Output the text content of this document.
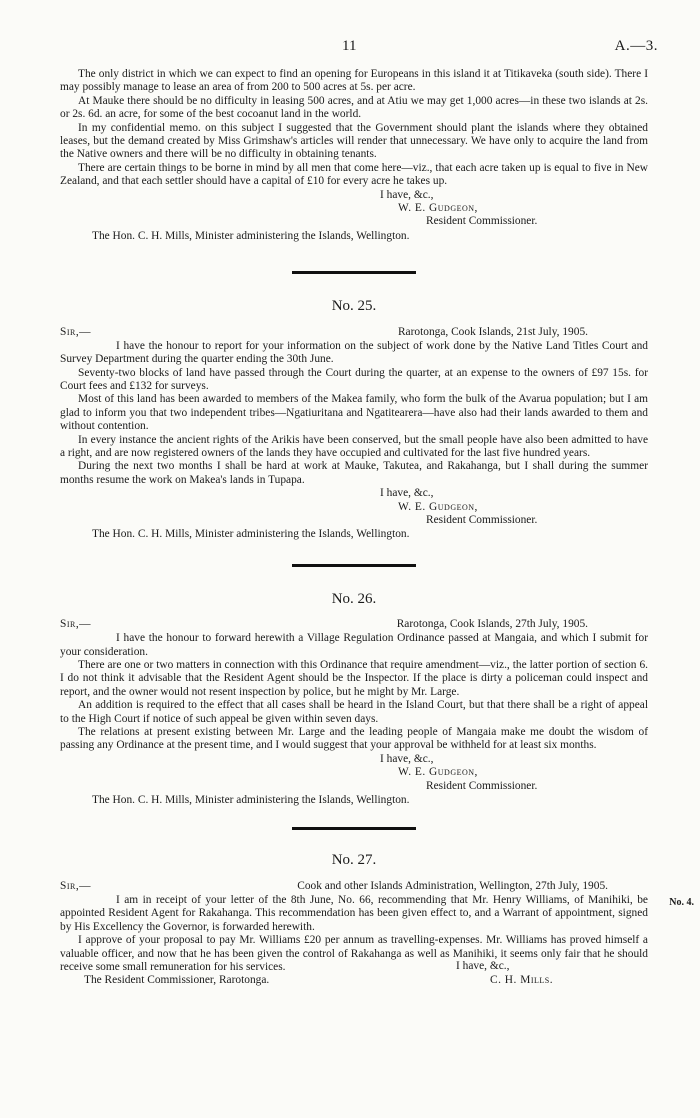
11	A.—3.

The only district in which we can expect to find an opening for Europeans in this island it at Titikaveka (south side). There I may possibly manage to lease an area of from 200 to 500 acres at 5s. per acre.

At Mauke there should be no difficulty in leasing 500 acres, and at Atiu we may get 1,000 acres—in these two islands at 2s. or 2s. 6d. an acre, for some of the best cocoanut land in the world.

In my confidential memo. on this subject I suggested that the Government should plant the islands where they obtained leases, but the demand created by Miss Grimshaw's articles will render that unnecessary. We have only to acquire the land from the Native owners and there will be no difficulty in obtaining tenants.

There are certain things to be borne in mind by all men that come here—viz., that each acre taken up is equal to five in New Zealand, and that each settler should have a capital of £10 for every acre he takes up.

I have, &c.,
W. E. Gudgeon,
Resident Commissioner.
The Hon. C. H. Mills, Minister administering the Islands, Wellington.
No. 25.
Sir,—	Rarotonga, Cook Islands, 21st July, 1905.

I have the honour to report for your information on the subject of work done by the Native Land Titles Court and Survey Department during the quarter ending the 30th June.

Seventy-two blocks of land have passed through the Court during the quarter, at an expense to the owners of £97 15s. for Court fees and £132 for surveys.

Most of this land has been awarded to members of the Makea family, who form the bulk of the Avarua population; but I am glad to inform you that two independent tribes—Ngatiuritana and Ngatitearera—have also had their lands awarded to them and without contention.

In every instance the ancient rights of the Arikis have been conserved, but the small people have also been admitted to have a right, and are now registered owners of the lands they have occupied and cultivated for the last five hundred years.

During the next two months I shall be hard at work at Mauke, Takutea, and Rakahanga, but I shall during the summer months resume the work on Makea's lands in Tupapa.

I have, &c.,
W. E. Gudgeon,
Resident Commissioner.
The Hon. C. H. Mills, Minister administering the Islands, Wellington.
No. 26.
Sir,—	Rarotonga, Cook Islands, 27th July, 1905.

I have the honour to forward herewith a Village Regulation Ordinance passed at Mangaia, and which I submit for your consideration.

There are one or two matters in connection with this Ordinance that require amendment—viz., the latter portion of section 6. I do not think it advisable that the Resident Agent should be the Inspector. If the place is dirty a policeman could inspect and report, and the owner would not resent inspection by police, but he might by Mr. Large.

An addition is required to the effect that all cases shall be heard in the Island Court, but that there shall be a right of appeal to the High Court if notice of such appeal be given within seven days.

The relations at present existing between Mr. Large and the leading people of Mangaia make me doubt the wisdom of passing any Ordinance at the present time, and I would suggest that your approval be withheld for at least six months.

I have, &c.,
W. E. Gudgeon,
Resident Commissioner.
The Hon. C. H. Mills, Minister administering the Islands, Wellington.
No. 27.
Sir,—	Cook and other Islands Administration, Wellington, 27th July, 1905.
No. 4.

I am in receipt of your letter of the 8th June, No. 66, recommending that Mr. Henry Williams, of Manihiki, be appointed Resident Agent for Rakahanga. This recommendation has been given effect to, and a Warrant of appointment, signed by His Excellency the Governor, is forwarded herewith.

I approve of your proposal to pay Mr. Williams £20 per annum as travelling-expenses. Mr. Williams has proved himself a valuable officer, and now that he has been given the control of Rakahanga as well as Manihiki, it seems only fair that he should receive some small remuneration for his services.	I have, &c.,
The Resident Commissioner, Rarotonga.	C. H. Mills.
